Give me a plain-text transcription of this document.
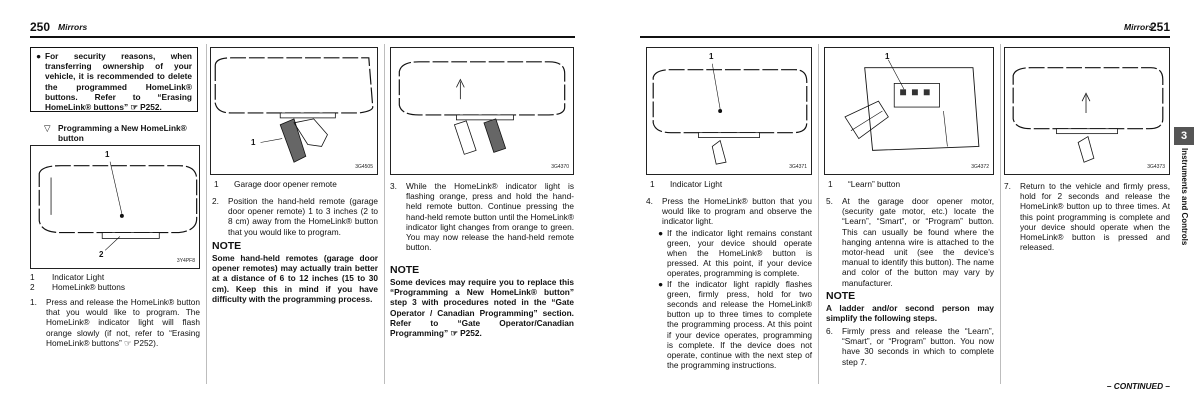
250 Mirrors
● For security reasons, when transferring ownership of your vehicle, it is recommended to delete the programmed HomeLink® buttons. Refer to “Erasing HomeLink® buttons” ☞ P252.
▽ Programming a New HomeLink® button
1
2
3Y4PF8
1	Indicator Light
2	HomeLink® buttons
1.	Press and release the HomeLink® button that you would like to program. The HomeLink® indicator light will flash orange slowly (if not, refer to “Erasing HomeLink® buttons” ☞ P252).
1
3G4505
1	Garage door opener remote
2.	Position the hand-held remote (garage door opener remote) 1 to 3 inches (2 to 8 cm) away from the HomeLink® button that you would like to program.
NOTE
Some hand-held remotes (garage door opener remotes) may actually train better at a distance of 6 to 12 inches (15 to 30 cm). Keep this in mind if you have difficulty with the programming process.
3G4370
3.	While the HomeLink® indicator light is flashing orange, press and hold the hand-held remote button. Continue pressing the hand-held remote button until the HomeLink® indicator light changes from orange to green. You may now release the hand-held remote button.
NOTE
Some devices may require you to replace this “Programming a New HomeLink® button” step 3 with procedures noted in the “Gate Operator / Canadian Programming” section. Refer to “Gate Operator/Canadian Programming” ☞ P252.
Mirrors
251
1
3G4371
1	Indicator Light
4.	Press the HomeLink® button that you would like to program and observe the indicator light.
● If the indicator light remains constant green, your device should operate when the HomeLink® button is pressed. At this point, if your device operates, programming is complete.
● If the indicator light rapidly flashes green, firmly press, hold for two seconds and release the HomeLink® button up to three times to complete the programming process. At this point if your device operates, programming is complete. If the device does not operate, continue with the next step of the programming instructions.
1
3G4372
1	“Learn” button
5.	At the garage door opener motor, (security gate motor, etc.) locate the “Learn”, “Smart”, or “Program” button. This can usually be found where the hanging antenna wire is attached to the motor-head unit (see the device’s manual to identify this button). The name and color of the button may vary by manufacturer.
NOTE
A ladder and/or second person may simplify the following steps.
6.	Firmly press and release the “Learn”, “Smart”, or “Program” button. You now have 30 seconds in which to complete step 7.
3G4373
7.	Return to the vehicle and firmly press, hold for 2 seconds and release the HomeLink® button up to three times. At this point programming is complete and your device should operate when the HomeLink® button is pressed and released.
3
Instruments and Controls
– CONTINUED –
